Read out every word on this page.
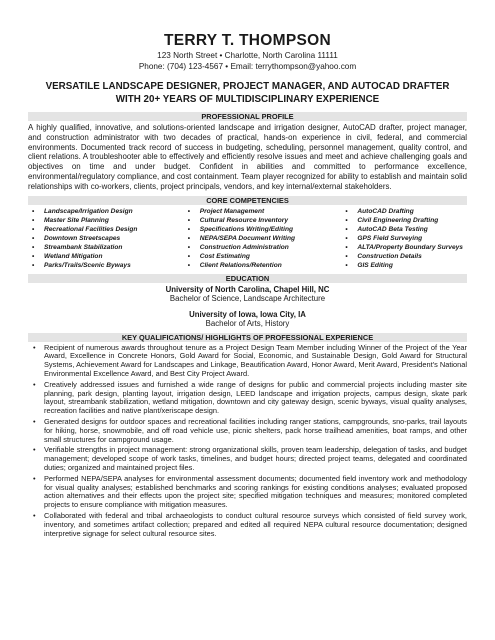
TERRY T. THOMPSON

123 North Street • Charlotte, North Carolina 11111

Phone: (704) 123-4567 • Email: terrythompson@yahoo.com

VERSATILE LANDSCAPE DESIGNER, PROJECT MANAGER, AND AUTOCAD DRAFTER WITH 20+ YEARS OF MULTIDISCIPLINARY EXPERIENCE
PROFESSIONAL PROFILE

A highly qualified, innovative, and solutions-oriented landscape and irrigation designer, AutoCAD drafter, project manager, and construction administrator with two decades of practical, hands-on experience in civil, federal, and commercial environments. Documented track record of success in budgeting, scheduling, personnel management, quality control, and client relations. A troubleshooter able to effectively and efficiently resolve issues and meet and achieve challenging goals and objectives on time and under budget. Confident in abilities and committed to performance excellence, environmental/regulatory compliance, and cost containment. Team player recognized for ability to establish and maintain solid relationships with co-workers, clients, project principals, vendors, and key internal/external stakeholders.

CORE COMPETENCIES
• Landscape/Irrigation Design
• Master Site Planning
• Recreational Facilities Design
• Downtown Streetscapes
• Streambank Stabilization
• Wetland Mitigation
• Parks/Trails/Scenic Byways
• Project Management
• Cultural Resource Inventory
• Specifications Writing/Editing
• NEPA/SEPA Document Writing
• Construction Administration
• Cost Estimating
• Client Relations/Retention
• AutoCAD Drafting
• Civil Engineering Drafting
• AutoCAD Beta Testing
• GPS Field Surveying
• ALTA/Property Boundary Surveys
• Construction Details
• GIS Editing
EDUCATION
University of North Carolina, Chapel Hill, NC
Bachelor of Science, Landscape Architecture
University of Iowa, Iowa City, IA
Bachelor of Arts, History
KEY QUALIFICATIONS/ HIGHLIGHTS OF PROFESSIONAL EXPERIENCE
• Recipient of numerous awards throughout tenure as a Project Design Team Member including Winner of the Project of the Year Award, Excellence in Concrete Honors, Gold Award for Social, Economic, and Sustainable Design, Gold Award for Structural Systems, Achievement Award for Landscapes and Linkage, Beautification Award, Honor Award, Merit Award, President's National Environmental Excellence Award, and Best City Project Award.
• Creatively addressed issues and furnished a wide range of designs for public and commercial projects including master site planning, park design, planting layout, irrigation design, LEED landscape and irrigation projects, campus design, skate park layout, streambank stabilization, wetland mitigation, downtown and city gateway design, scenic byways, visual quality analyses, recreation facilities and native plant/xeriscape design.
• Generated designs for outdoor spaces and recreational facilities including ranger stations, campgrounds, sno-parks, trail layouts for hiking, horse, snowmobile, and off road vehicle use, picnic shelters, pack horse trailhead amenities, boat ramps, and other small structures for campground usage.
• Verifiable strengths in project management: strong organizational skills, proven team leadership, delegation of tasks, and budget management; developed scope of work tasks, timelines, and budget hours; directed project teams, delegated and coordinated duties; organized and maintained project files.
• Performed NEPA/SEPA analyses for environmental assessment documents; documented field inventory work and methodology for visual quality analyses; established benchmarks and scoring rankings for existing conditions analyses; evaluated proposed action alternatives and their effects upon the project site; specified mitigation techniques and measures; monitored completed projects to ensure compliance with mitigation measures.
• Collaborated with federal and tribal archaeologists to conduct cultural resource surveys which consisted of field survey work, inventory, and sometimes artifact collection; prepared and edited all required NEPA cultural resource documentation; designed interpretive signage for select cultural resource sites.
